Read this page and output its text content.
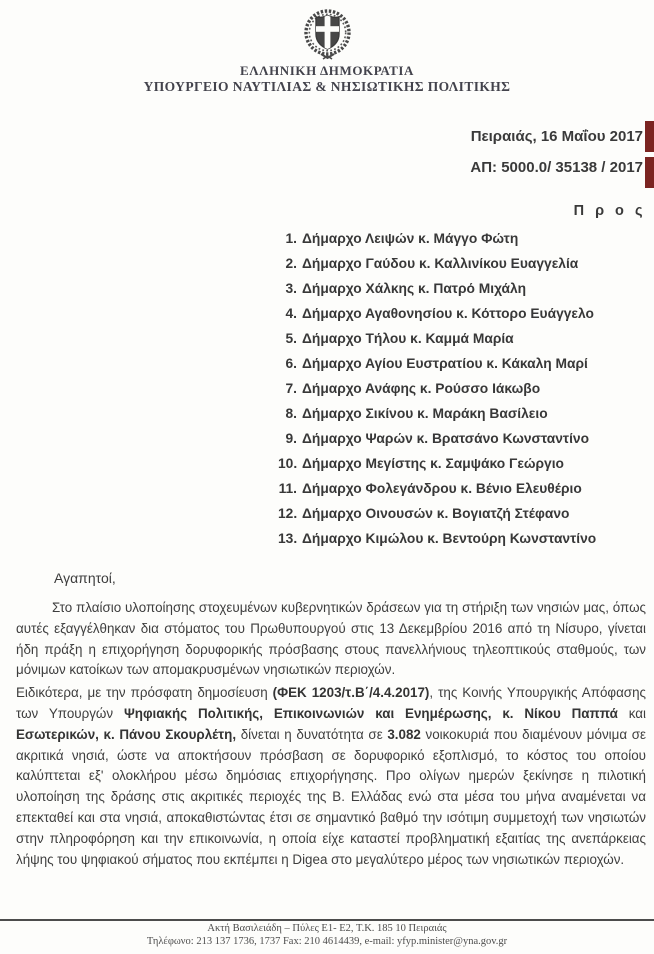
ΕΛΛΗΝΙΚΗ ΔΗΜΟΚΡΑΤΙΑ
ΥΠΟΥΡΓΕΙΟ ΝΑΥΤΙΛΙΑΣ & ΝΗΣΙΩΤΙΚΗΣ ΠΟΛΙΤΙΚΗΣ
Πειραιάς, 16 Μαΐου 2017
ΑΠ: 5000.0/ 35138 / 2017
Π ρ ο ς
1. Δήμαρχο Λειψών κ. Μάγγο Φώτη
2. Δήμαρχο Γαύδου κ. Καλλινίκου Ευαγγελία
3. Δήμαρχο Χάλκης κ. Πατρό Μιχάλη
4. Δήμαρχο Αγαθονησίου κ. Κόττορο Ευάγγελο
5. Δήμαρχο Τήλου κ. Καμμά Μαρία
6. Δήμαρχο Αγίου Ευστρατίου κ. Κάκαλη Μαρί
7. Δήμαρχο Ανάφης κ. Ρούσσο Ιάκωβο
8. Δήμαρχο Σικίνου κ. Μαράκη Βασίλειο
9. Δήμαρχο Ψαρών κ. Βρατσάνο Κωνσταντίνο
10. Δήμαρχο Μεγίστης κ. Σαμψάκο Γεώργιο
11. Δήμαρχο Φολεγάνδρου κ. Βένιο Ελευθέριο
12. Δήμαρχο Οινουσών κ. Βογιατζή Στέφανο
13. Δήμαρχο Κιμώλου κ. Βεντούρη Κωνσταντίνο
Αγαπητοί,

Στο πλαίσιο υλοποίησης στοχευμένων κυβερνητικών δράσεων για τη στήριξη των νησιών μας, όπως αυτές εξαγγέλθηκαν δια στόματος του Πρωθυπουργού στις 13 Δεκεμβρίου 2016 από τη Νίσυρο, γίνεται ήδη πράξη η επιχορήγηση δορυφορικής πρόσβασης στους πανελλήνιους τηλεοπτικούς σταθμούς, των μόνιμων κατοίκων των απομακρυσμένων νησιωτικών περιοχών.

Ειδικότερα, με την πρόσφατη δημοσίευση (ΦΕΚ 1203/τ.Β΄/4.4.2017), της Κοινής Υπουργικής Απόφασης των Υπουργών Ψηφιακής Πολιτικής, Επικοινωνιών και Ενημέρωσης, κ. Νίκου Παππά και Εσωτερικών, κ. Πάνου Σκουρλέτη, δίνεται η δυνατότητα σε 3.082 νοικοκυριά που διαμένουν μόνιμα σε ακριτικά νησιά, ώστε να αποκτήσουν πρόσβαση σε δορυφορικό εξοπλισμό, το κόστος του οποίου καλύπτεται εξ' ολοκλήρου μέσω δημόσιας επιχορήγησης. Προ ολίγων ημερών ξεκίνησε η πιλοτική υλοποίηση της δράσης στις ακριτικές περιοχές της Β. Ελλάδας ενώ στα μέσα του μήνα αναμένεται να επεκταθεί και στα νησιά, αποκαθιστώντας έτσι σε σημαντικό βαθμό την ισότιμη συμμετοχή των νησιωτών στην πληροφόρηση και την επικοινωνία, η οποία είχε καταστεί προβληματική εξαιτίας της ανεπάρκειας λήψης του ψηφιακού σήματος που εκπέμπει η Digea στο μεγαλύτερο μέρος των νησιωτικών περιοχών.

Ακτή Βασιλειάδη – Πύλες Ε1- Ε2, Τ.Κ. 185 10 Πειραιάς
Τηλέφωνο: 213 137 1736, 1737 Fax: 210 4614439, e-mail: yfyp.minister@yna.gov.gr
